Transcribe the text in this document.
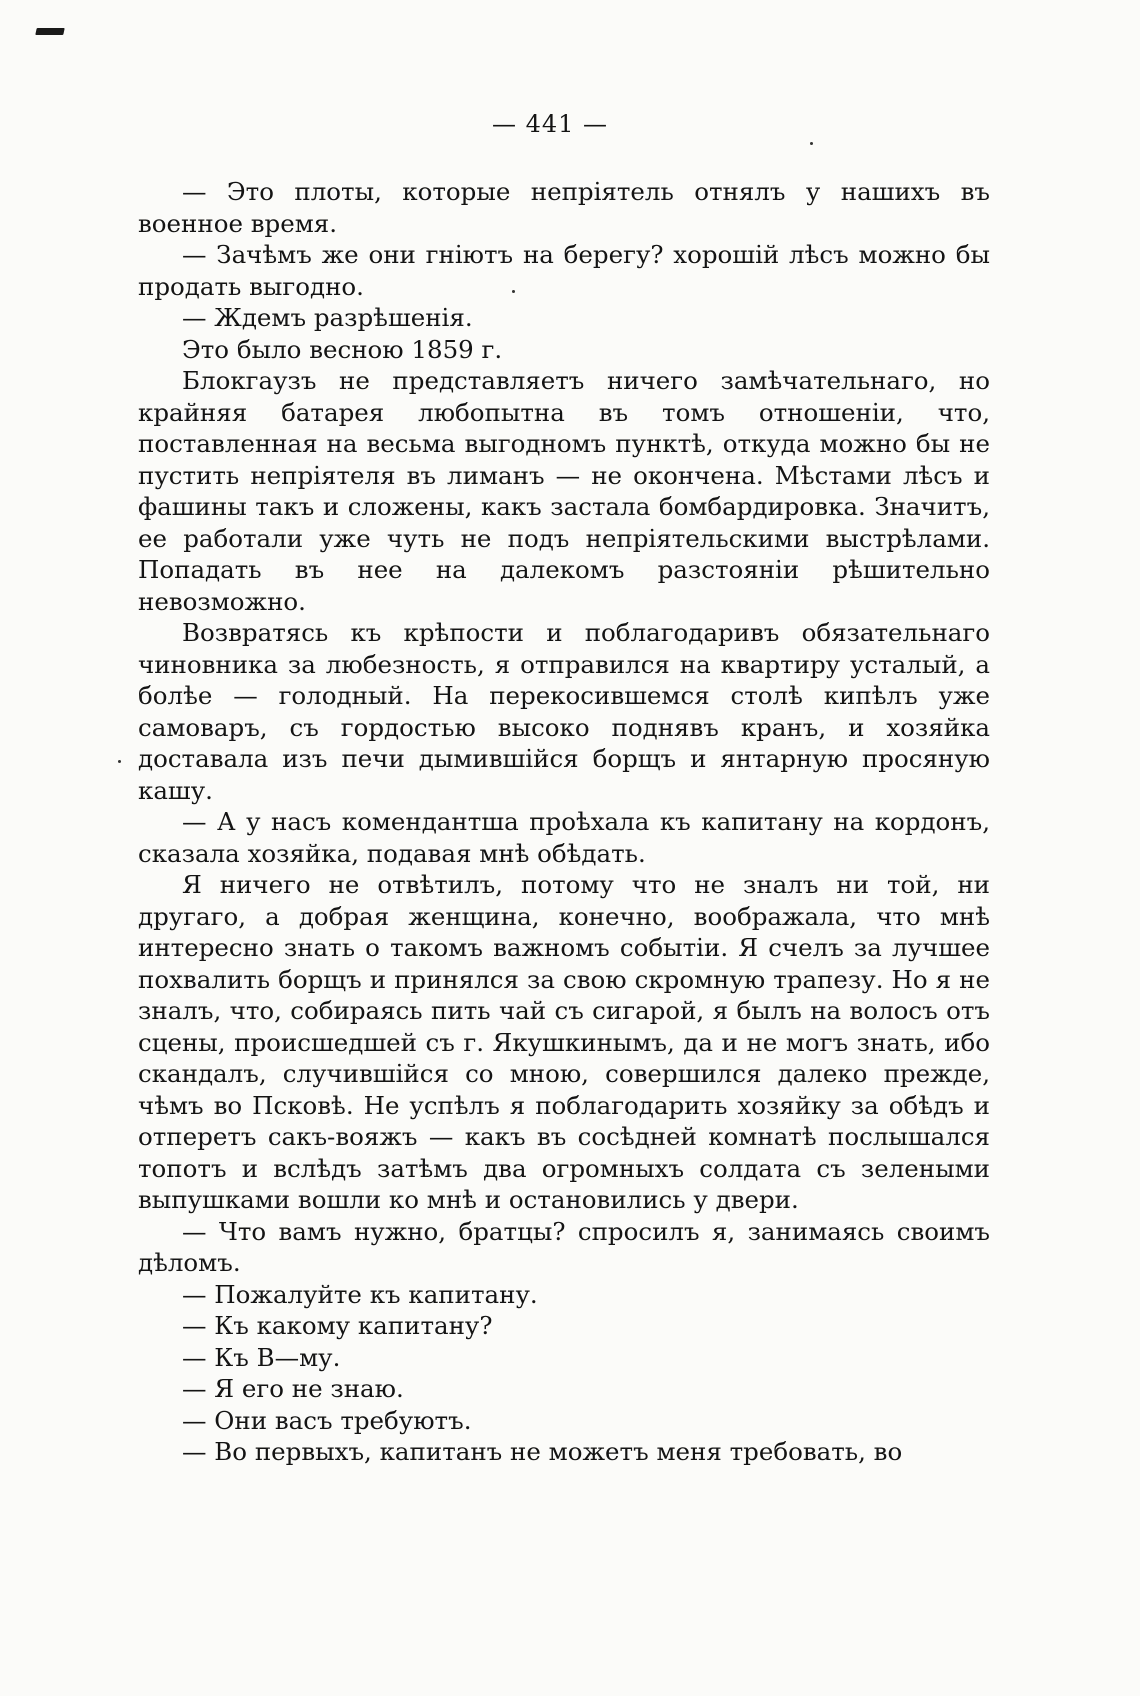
— 441 —

— Это плоты, которые непріятель отнялъ у нашихъ въ военное время.

— Зачѣмъ же они гніютъ на берегу? хорошій лѣсъ можно бы продать выгодно.

— Ждемъ разрѣшенія.

Это было весною 1859 г.

Блокгаузъ не представляетъ ничего замѣчательнаго, но крайняя батарея любопытна въ томъ отношеніи, что, поставленная на весьма выгодномъ пунктѣ, откуда можно бы не пустить непріятеля въ лиманъ — не окончена. Мѣстами лѣсъ и фашины такъ и сложены, какъ застала бомбардировка. Значитъ, ее работали уже чуть не подъ непріятельскими выстрѣлами. Попадать въ нее на далекомъ разстояніи рѣшительно невозможно.

Возвратясь къ крѣпости и поблагодаривъ обязательнаго чиновника за любезность, я отправился на квартиру усталый, а болѣе — голодный. На перекосившемся столѣ кипѣлъ уже самоваръ, съ гордостью высоко поднявъ кранъ, и хозяйка доставала изъ печи дымившійся борщъ и янтарную просяную кашу.

— А у насъ комендантша проѣхала къ капитану на кордонъ, сказала хозяйка, подавая мнѣ обѣдать.

Я ничего не отвѣтилъ, потому что не зналъ ни той, ни другаго, а добрая женщина, конечно, воображала, что мнѣ интересно знать о такомъ важномъ событіи. Я счелъ за лучшее похвалить борщъ и принялся за свою скромную трапезу. Но я не зналъ, что, собираясь пить чай съ сигарой, я былъ на волосъ отъ сцены, происшедшей съ г. Якушкинымъ, да и не могъ знать, ибо скандалъ, случившійся со мною, совершился далеко прежде, чѣмъ во Псковѣ. Не успѣлъ я поблагодарить хозяйку за обѣдъ и отперетъ сакъ-вояжъ — какъ въ сосѣдней комнатѣ послышался топотъ и вслѣдъ затѣмъ два огромныхъ солдата съ зелеными выпушками вошли ко мнѣ и остановились у двери.

— Что вамъ нужно, братцы? спросилъ я, занимаясь своимъ дѣломъ.

— Пожалуйте къ капитану.

— Къ какому капитану?

— Къ В—му.

— Я его не знаю.

— Они васъ требуютъ.

— Во первыхъ, капитанъ не можетъ меня требовать, во
